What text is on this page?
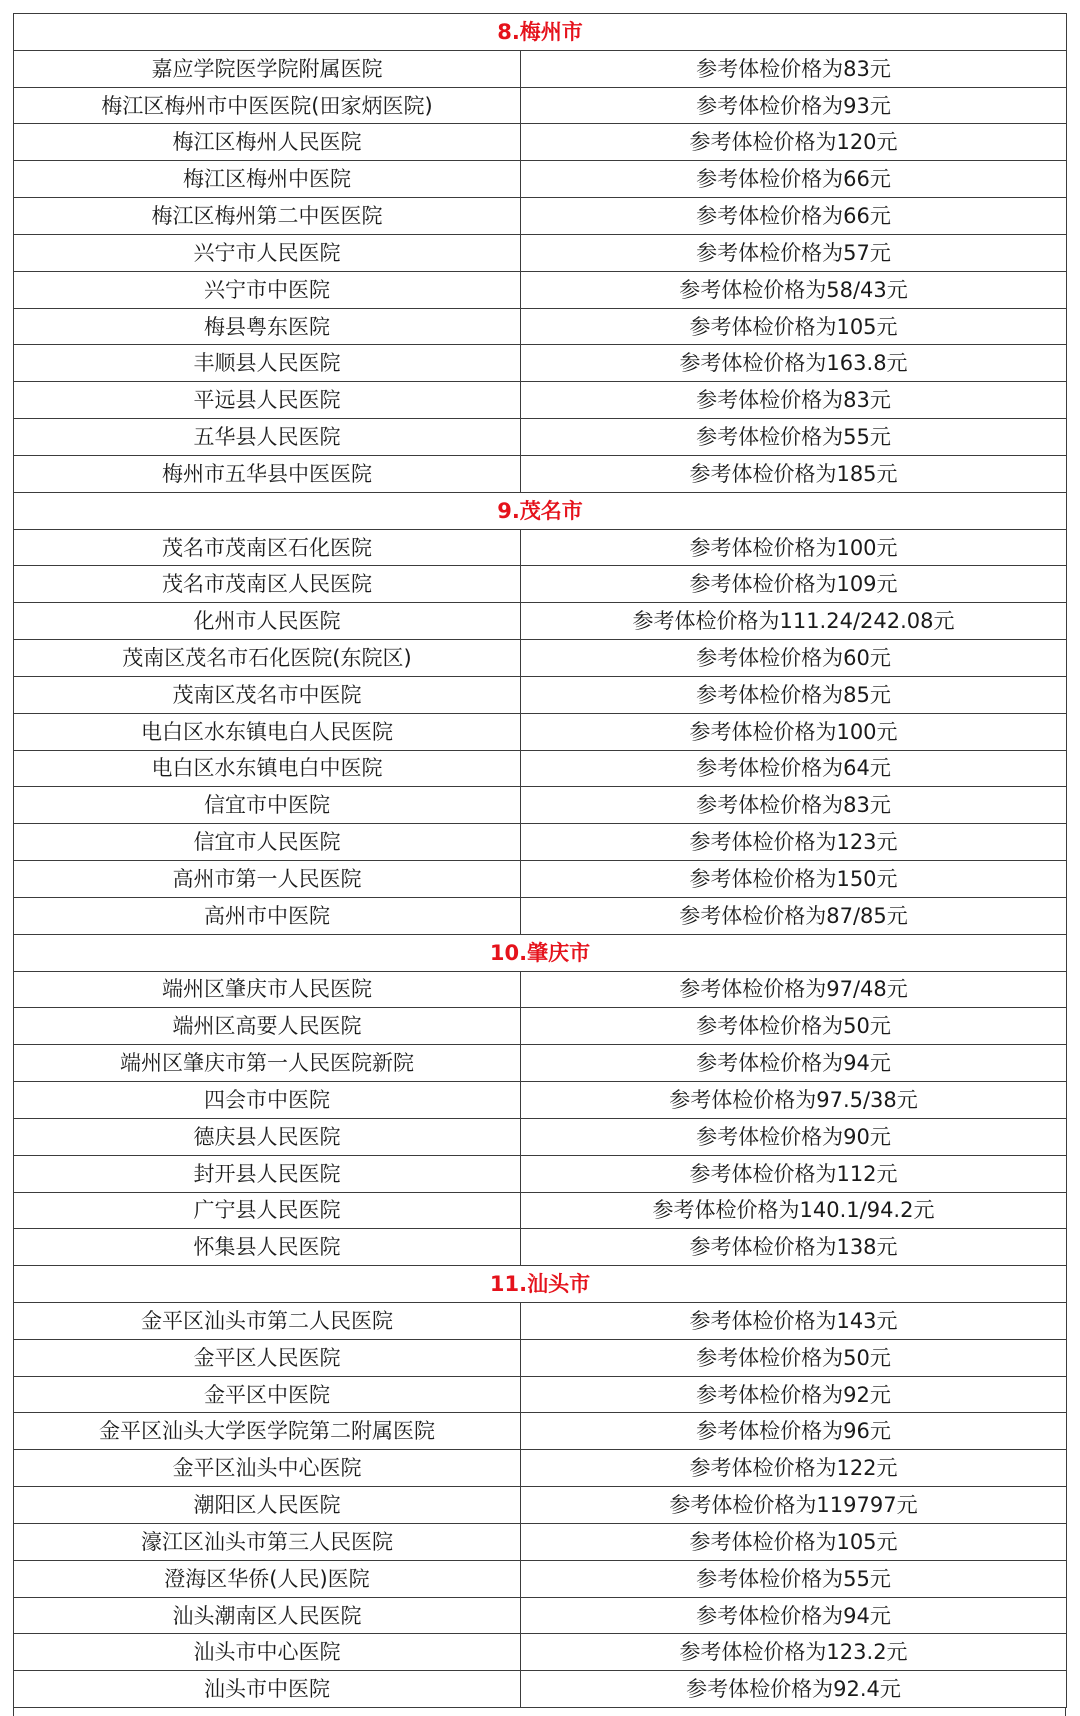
8.梅州市	
嘉应学院医学院附属医院	参考体检价格为83元
梅江区梅州市中医医院(田家炳医院)	参考体检价格为93元
梅江区梅州人民医院	参考体检价格为120元
梅江区梅州中医院	参考体检价格为66元
梅江区梅州第二中医医院	参考体检价格为66元
兴宁市人民医院	参考体检价格为57元
兴宁市中医院	参考体检价格为58/43元
梅县粤东医院	参考体检价格为105元
丰顺县人民医院	参考体检价格为163.8元
平远县人民医院	参考体检价格为83元
五华县人民医院	参考体检价格为55元
梅州市五华县中医医院	参考体检价格为185元
9.茂名市	
茂名市茂南区石化医院	参考体检价格为100元
茂名市茂南区人民医院	参考体检价格为109元
化州市人民医院	参考体检价格为111.24/242.08元
茂南区茂名市石化医院(东院区)	参考体检价格为60元
茂南区茂名市中医院	参考体检价格为85元
电白区水东镇电白人民医院	参考体检价格为100元
电白区水东镇电白中医院	参考体检价格为64元
信宜市中医院	参考体检价格为83元
信宜市人民医院	参考体检价格为123元
高州市第一人民医院	参考体检价格为150元
高州市中医院	参考体检价格为87/85元
10.肇庆市	
端州区肇庆市人民医院	参考体检价格为97/48元
端州区高要人民医院	参考体检价格为50元
端州区肇庆市第一人民医院新院	参考体检价格为94元
四会市中医院	参考体检价格为97.5/38元
德庆县人民医院	参考体检价格为90元
封开县人民医院	参考体检价格为112元
广宁县人民医院	参考体检价格为140.1/94.2元
怀集县人民医院	参考体检价格为138元
11.汕头市	
金平区汕头市第二人民医院	参考体检价格为143元
金平区人民医院	参考体检价格为50元
金平区中医院	参考体检价格为92元
金平区汕头大学医学院第二附属医院	参考体检价格为96元
金平区汕头中心医院	参考体检价格为122元
潮阳区人民医院	参考体检价格为119797元
濠江区汕头市第三人民医院	参考体检价格为105元
澄海区华侨(人民)医院	参考体检价格为55元
汕头潮南区人民医院	参考体检价格为94元
汕头市中心医院	参考体检价格为123.2元
汕头市中医院	参考体检价格为92.4元
